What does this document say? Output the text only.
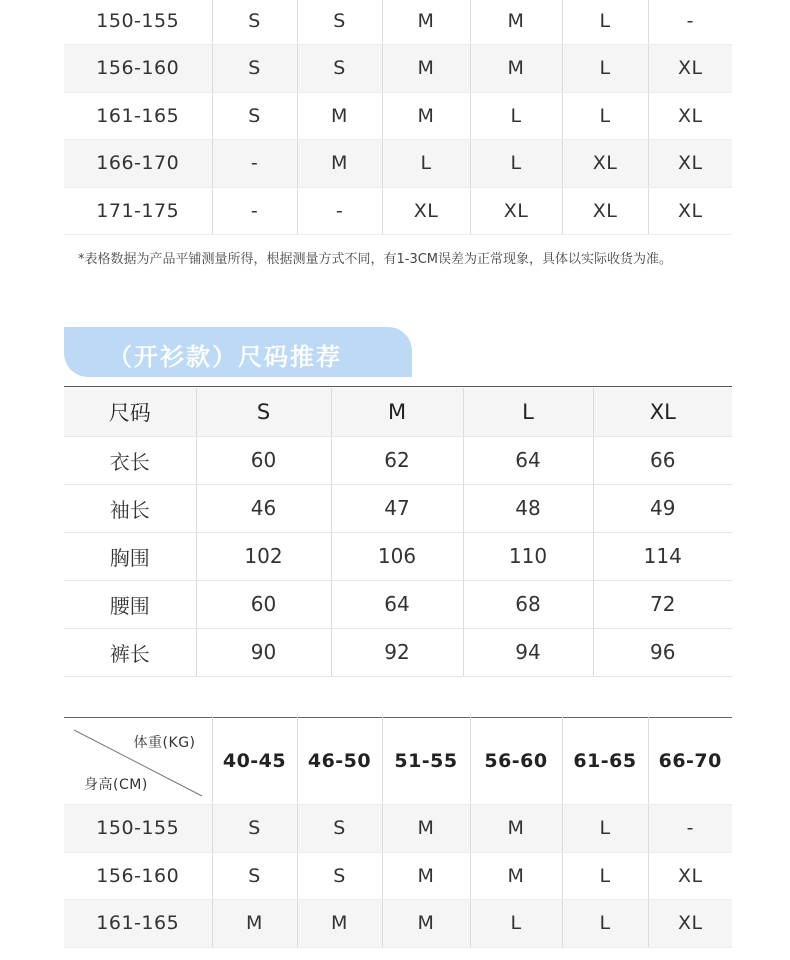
150-155	S	S	M	M	L	-
156-160	S	S	M	M	L	XL
161-165	S	M	M	L	L	XL
166-170	-	M	L	L	XL	XL
171-175	-	-	XL	XL	XL	XL
*表格数据为产品平铺测量所得，根据测量方式不同，有1-3CM误差为正常现象，具体以实际收货为准。
（开衫款）尺码推荐
尺码	S	M	L	XL
衣长	60	62	64	66
袖长	46	47	48	49
胸围	102	106	110	114
腰围	60	64	68	72
裤长	90	92	94	96
体重(KG)
身高(CM)	40-45	46-50	51-55	56-60	61-65	66-70
150-155	S	S	M	M	L	-
156-160	S	S	M	M	L	XL
161-165	M	M	M	L	L	XL
